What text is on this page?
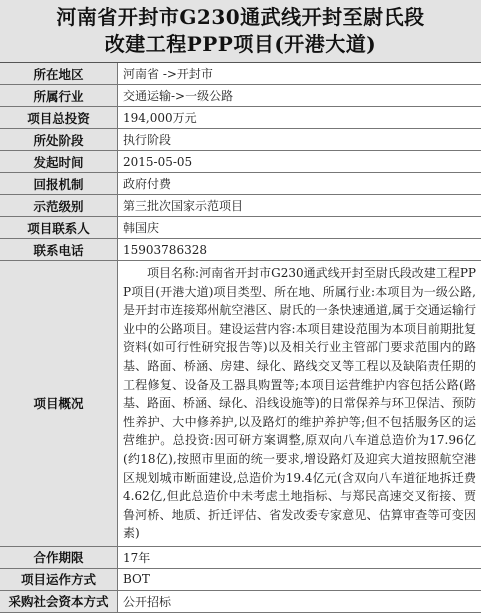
河南省开封市G230通武线开封至尉氏段
改建工程PPP项目(开港大道)
所在地区	河南省 ->开封市
所属行业	交通运输->一级公路
项目总投资	194,000万元
所处阶段	执行阶段
发起时间	2015-05-05
回报机制	政府付费
示范级别	第三批次国家示范项目
项目联系人	韩国庆
联系电话	15903786328
项目概况	项目名称:河南省开封市G230通武线开封至尉氏段改建工程PPP项目(开港大道)项目类型、所在地、所属行业:本项目为一级公路,是开封市连接郑州航空港区、尉氏的一条快速通道,属于交通运输行业中的公路项目。建设运营内容:本项目建设范围为本项目前期批复资料(如可行性研究报告等)以及相关行业主管部门要求范围内的路基、路面、桥涵、房建、绿化、路线交叉等工程以及缺陷责任期的工程修复、设备及工器具购置等;本项目运营维护内容包括公路(路基、路面、桥涵、绿化、沿线设施等)的日常保养与环卫保洁、预防性养护、大中修养护,以及路灯的维护养护等;但不包括服务区的运营维护。总投资:因可研方案调整,原双向八车道总造价为17.96亿(约18亿),按照市里面的统一要求,增设路灯及迎宾大道按照航空港区规划城市断面建设,总造价为19.4亿元(含双向八车道征地拆迁费4.62亿,但此总造价中未考虑土地指标、与郑民高速交叉衔接、贾鲁河桥、地质、折迁评估、省发改委专家意见、估算审查等可变因素)
合作期限	17年
项目运作方式	BOT
采购社会资本方式	公开招标
